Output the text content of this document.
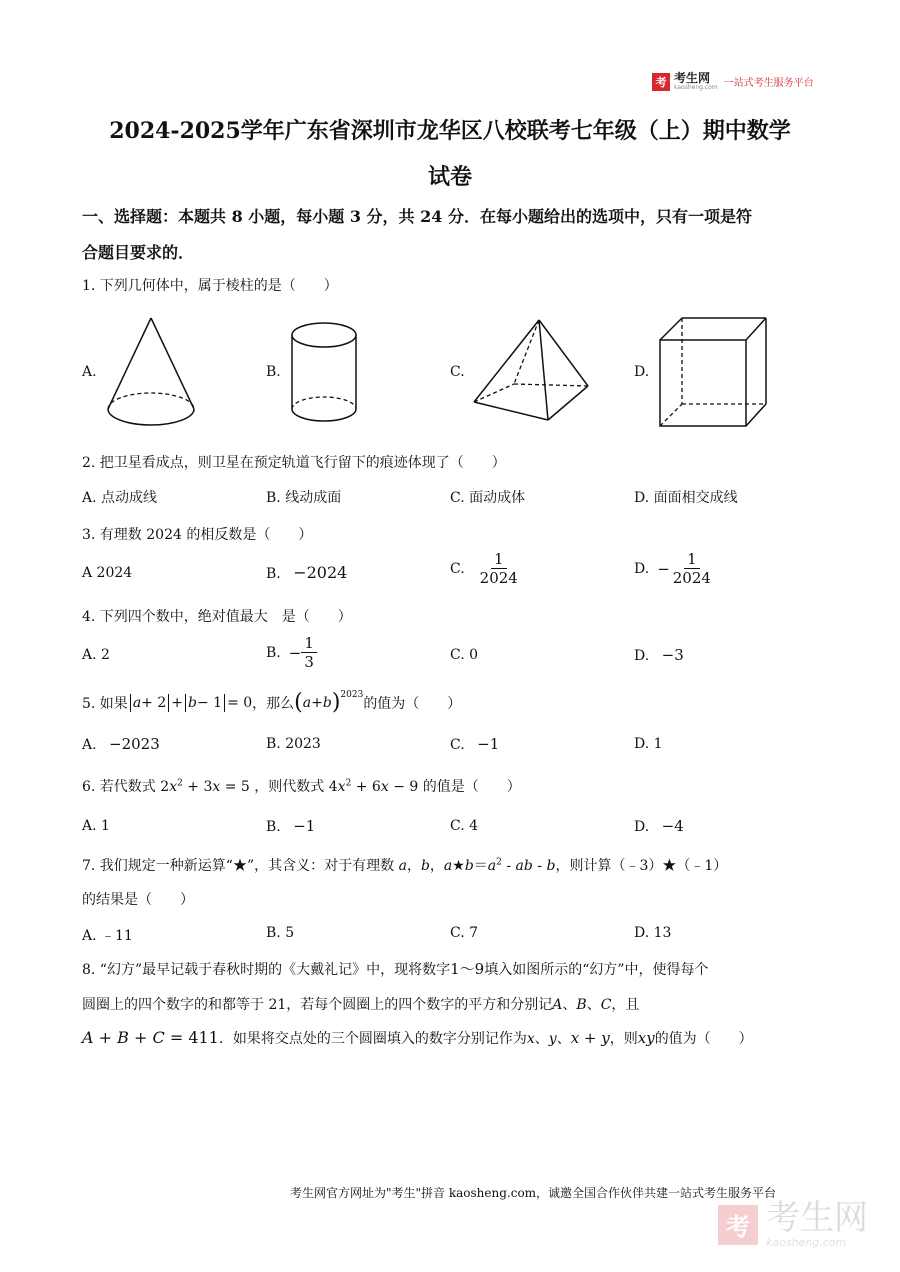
考 考生网
kaosheng.com 一站式考生服务平台
2024-2025学年广东省深圳市龙华区八校联考七年级（上）期中数学
试卷
一、选择题：本题共 8 小题，每小题 3 分，共 24 分．在每小题给出的选项中，只有一项是符
合题目要求的．
1. 下列几何体中，属于棱柱的是（　　）
A.	B.	C.	D.
2. 把卫星看成点，则卫星在预定轨道飞行留下的痕迹体现了（　　）
A. 点动成线	B. 线动成面	C. 面动成体	D. 面面相交成线
3. 有理数 2024 的相反数是（　　）
A 2024	B. −2024	C. $\frac{1}{2024}$	D. − $\frac{1}{2024}$
4. 下列四个数中，绝对值最大　是（　　）
A. 2	B. − $\frac{1}{3}$	C. 0	D. −3
5. 如果 a + 2 + b − 1 = 0 ，那么 ( a + b ) 2023
的值为（　　）
A. −2023	B. 2023	C. −1	D. 1
6. 若代数式 $2x^2 + 3x = 5$ ，则代数式 $4x^2 + 6x - 9$ 的值是（　　）
A. 1	B. −1	C. 4	D. −4
7. 我们规定一种新运算“★”，其含义：对于有理数 a，b，$a★b=a^2$ - ab - b，则计算（﹣3）★（﹣1）
的结果是（　　）
A. ﹣11	B. 5	C. 7	D. 13
8. “幻方”最早记载于春秋时期的《大戴礼记》中，现将数字1～9填入如图所示的“幻方”中，使得每个
圆圈上的四个数字的和都等于 21，若每个圆圈上的四个数字的平方和分别记A、B、C，且
A + B + C = 411．如果将交点处的三个圆圈填入的数字分别记作为x、y、x + y，则xy的值为（　　）
考生网官方网址为"考生"拼音 kaosheng.com，诚邀全国合作伙伴共建一站式考生服务平台
考 考生网
kaosheng.com
